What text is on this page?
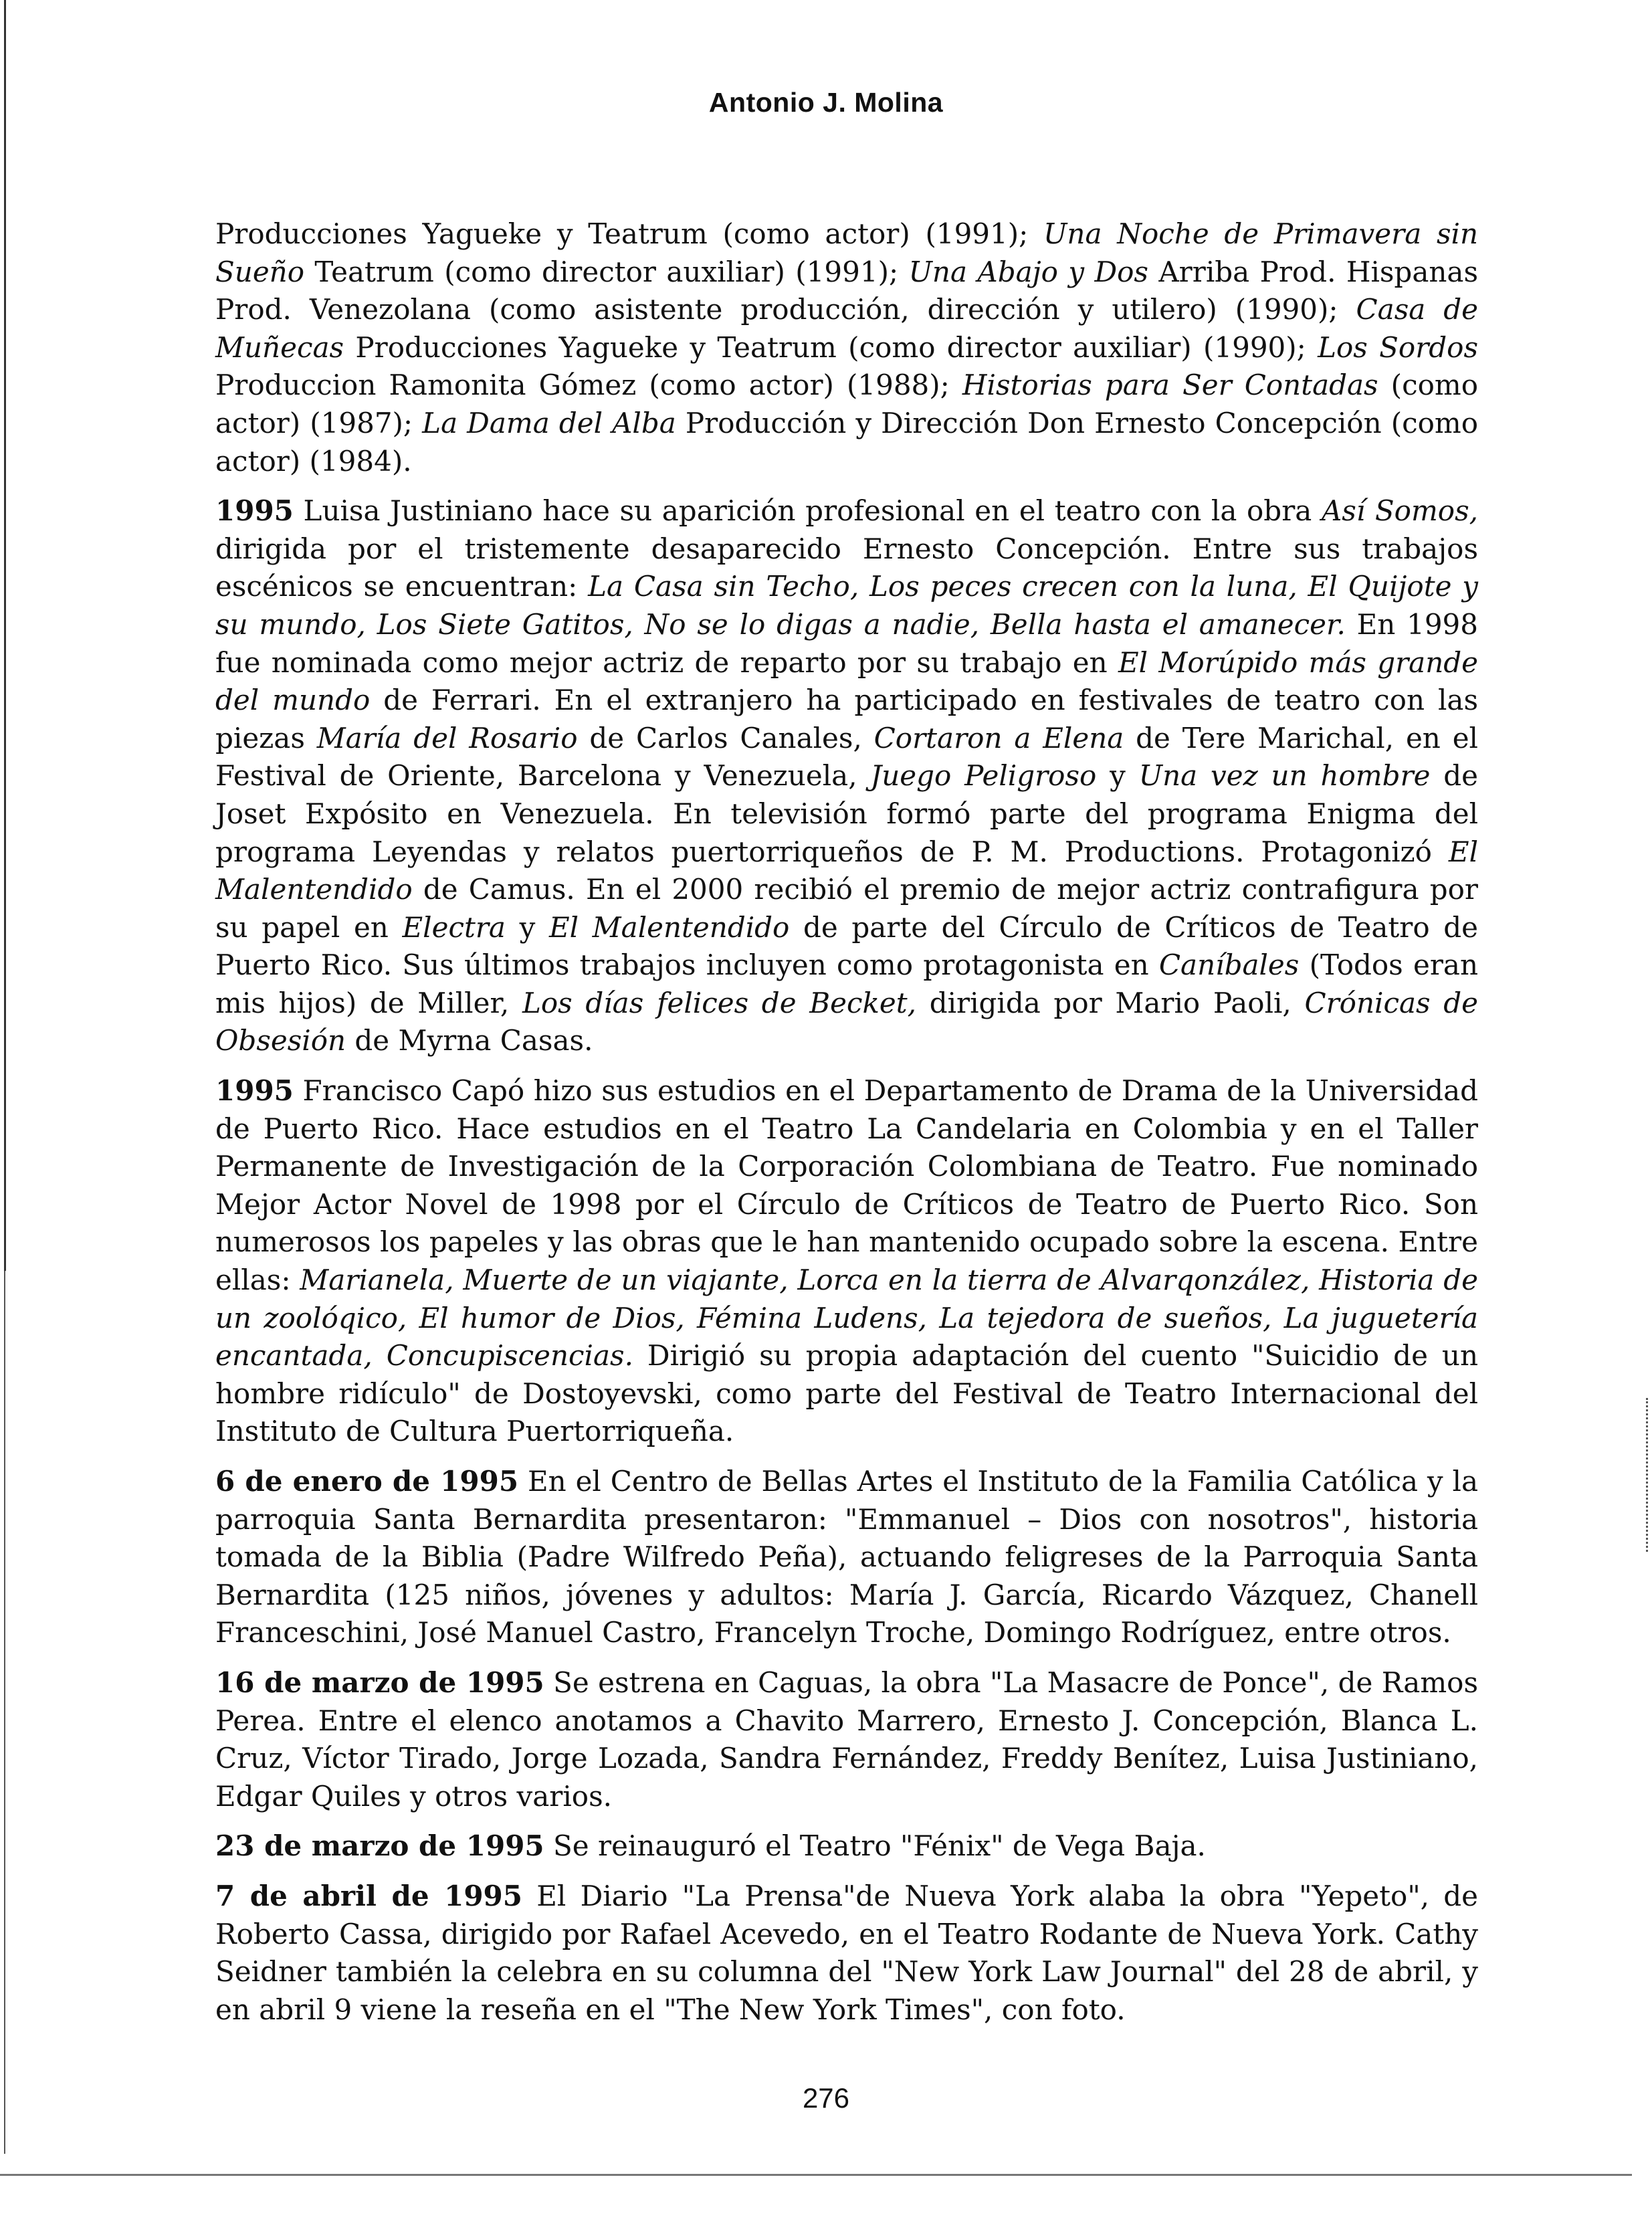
Antonio J. Molina

Producciones Yagueke y Teatrum (como actor) (1991); Una Noche de Primavera sin Sueño Teatrum (como director auxiliar) (1991); Una Abajo y Dos Arriba Prod. Hispanas Prod. Venezolana (como asistente producción, dirección y utilero) (1990); Casa de Muñecas Producciones Yagueke y Teatrum (como director auxiliar) (1990); Los Sordos Produccion Ramonita Gómez (como actor) (1988); Historias para Ser Contadas (como actor) (1987); La Dama del Alba Producción y Dirección Don Ernesto Concepción (como actor) (1984).

1995 Luisa Justiniano hace su aparición profesional en el teatro con la obra Así Somos, dirigida por el tristemente desaparecido Ernesto Concepción. Entre sus trabajos escénicos se encuentran: La Casa sin Techo, Los peces crecen con la luna, El Quijote y su mundo, Los Siete Gatitos, No se lo digas a nadie, Bella hasta el amanecer. En 1998 fue nominada como mejor actriz de reparto por su trabajo en El Morúpido más grande del mundo de Ferrari. En el extranjero ha participado en festivales de teatro con las piezas María del Rosario de Carlos Canales, Cortaron a Elena de Tere Marichal, en el Festival de Oriente, Barcelona y Venezuela, Juego Peligroso y Una vez un hombre de Joset Expósito en Venezuela. En televisión formó parte del programa Enigma del programa Leyendas y relatos puertorriqueños de P. M. Productions. Protagonizó El Malentendido de Camus. En el 2000 recibió el premio de mejor actriz contrafigura por su papel en Electra y El Malentendido de parte del Círculo de Críticos de Teatro de Puerto Rico. Sus últimos trabajos incluyen como protagonista en Caníbales (Todos eran mis hijos) de Miller, Los días felices de Becket, dirigida por Mario Paoli, Crónicas de Obsesión de Myrna Casas.

1995 Francisco Capó hizo sus estudios en el Departamento de Drama de la Universidad de Puerto Rico. Hace estudios en el Teatro La Candelaria en Colombia y en el Taller Permanente de Investigación de la Corporación Colombiana de Teatro. Fue nominado Mejor Actor Novel de 1998 por el Círculo de Críticos de Teatro de Puerto Rico. Son numerosos los papeles y las obras que le han mantenido ocupado sobre la escena. Entre ellas: Marianela, Muerte de un viajante, Lorca en la tierra de Alvarqonzález, Historia de un zoolóqico, El humor de Dios, Fémina Ludens, La tejedora de sueños, La juguetería encantada, Concupiscencias. Dirigió su propia adaptación del cuento "Suicidio de un hombre ridículo" de Dostoyevski, como parte del Festival de Teatro Internacional del Instituto de Cultura Puertorriqueña.

6 de enero de 1995 En el Centro de Bellas Artes el Instituto de la Familia Católica y la parroquia Santa Bernardita presentaron: "Emmanuel – Dios con nosotros", historia tomada de la Biblia (Padre Wilfredo Peña), actuando feligreses de la Parroquia Santa Bernardita (125 niños, jóvenes y adultos: María J. García, Ricardo Vázquez, Chanell Franceschini, José Manuel Castro, Francelyn Troche, Domingo Rodríguez, entre otros.

16 de marzo de 1995 Se estrena en Caguas, la obra "La Masacre de Ponce", de Ramos Perea. Entre el elenco anotamos a Chavito Marrero, Ernesto J. Concepción, Blanca L. Cruz, Víctor Tirado, Jorge Lozada, Sandra Fernández, Freddy Benítez, Luisa Justiniano, Edgar Quiles y otros varios.

23 de marzo de 1995 Se reinauguró el Teatro "Fénix" de Vega Baja.

7 de abril de 1995 El Diario "La Prensa"de Nueva York alaba la obra "Yepeto", de Roberto Cassa, dirigido por Rafael Acevedo, en el Teatro Rodante de Nueva York. Cathy Seidner también la celebra en su columna del "New York Law Journal" del 28 de abril, y en abril 9 viene la reseña en el "The New York Times", con foto.

276
